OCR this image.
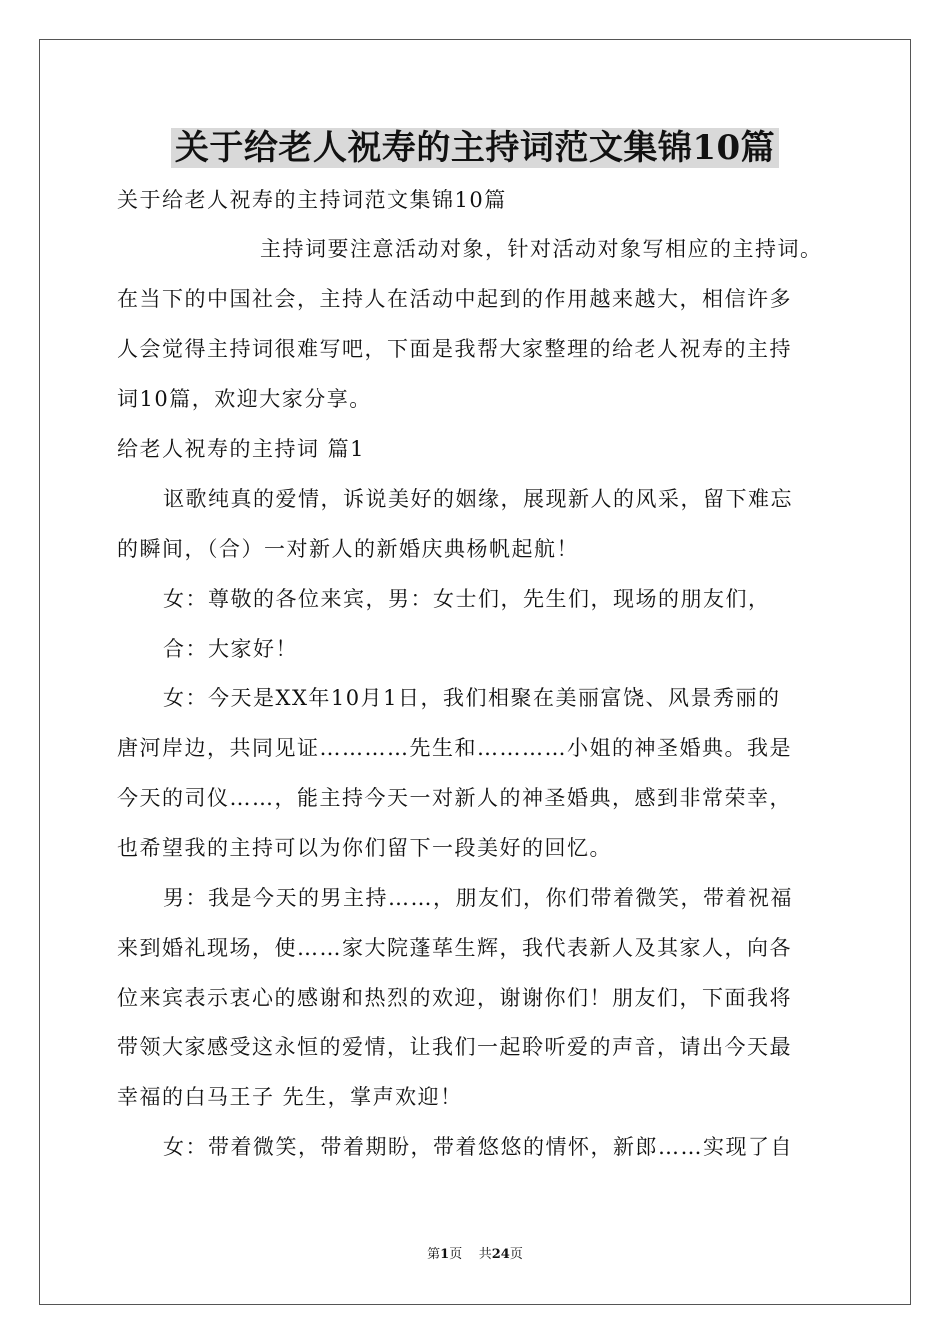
关于给老人祝寿的主持词范文集锦10篇
关于给老人祝寿的主持词范文集锦10篇
主持词要注意活动对象，针对活动对象写相应的主持词。
在当下的中国社会，主持人在活动中起到的作用越来越大，相信许多
人会觉得主持词很难写吧，下面是我帮大家整理的给老人祝寿的主持
词10篇，欢迎大家分享。
给老人祝寿的主持词 篇1
讴歌纯真的爱情，诉说美好的姻缘，展现新人的风采，留下难忘
的瞬间，（合）一对新人的新婚庆典杨帆起航！
女：尊敬的各位来宾，男：女士们，先生们，现场的朋友们，
合：大家好！
女：今天是XX年10月1日，我们相聚在美丽富饶、风景秀丽的
唐河岸边，共同见证…………先生和…………小姐的神圣婚典。我是
今天的司仪……，能主持今天一对新人的神圣婚典，感到非常荣幸，
也希望我的主持可以为你们留下一段美好的回忆。
男：我是今天的男主持……，朋友们，你们带着微笑，带着祝福
来到婚礼现场，使……家大院蓬荜生辉，我代表新人及其家人，向各
位来宾表示衷心的感谢和热烈的欢迎，谢谢你们！朋友们，下面我将
带领大家感受这永恒的爱情，让我们一起聆听爱的声音，请出今天最
幸福的白马王子 先生，掌声欢迎！
女：带着微笑，带着期盼，带着悠悠的情怀，新郎……实现了自
第1页 共24页
